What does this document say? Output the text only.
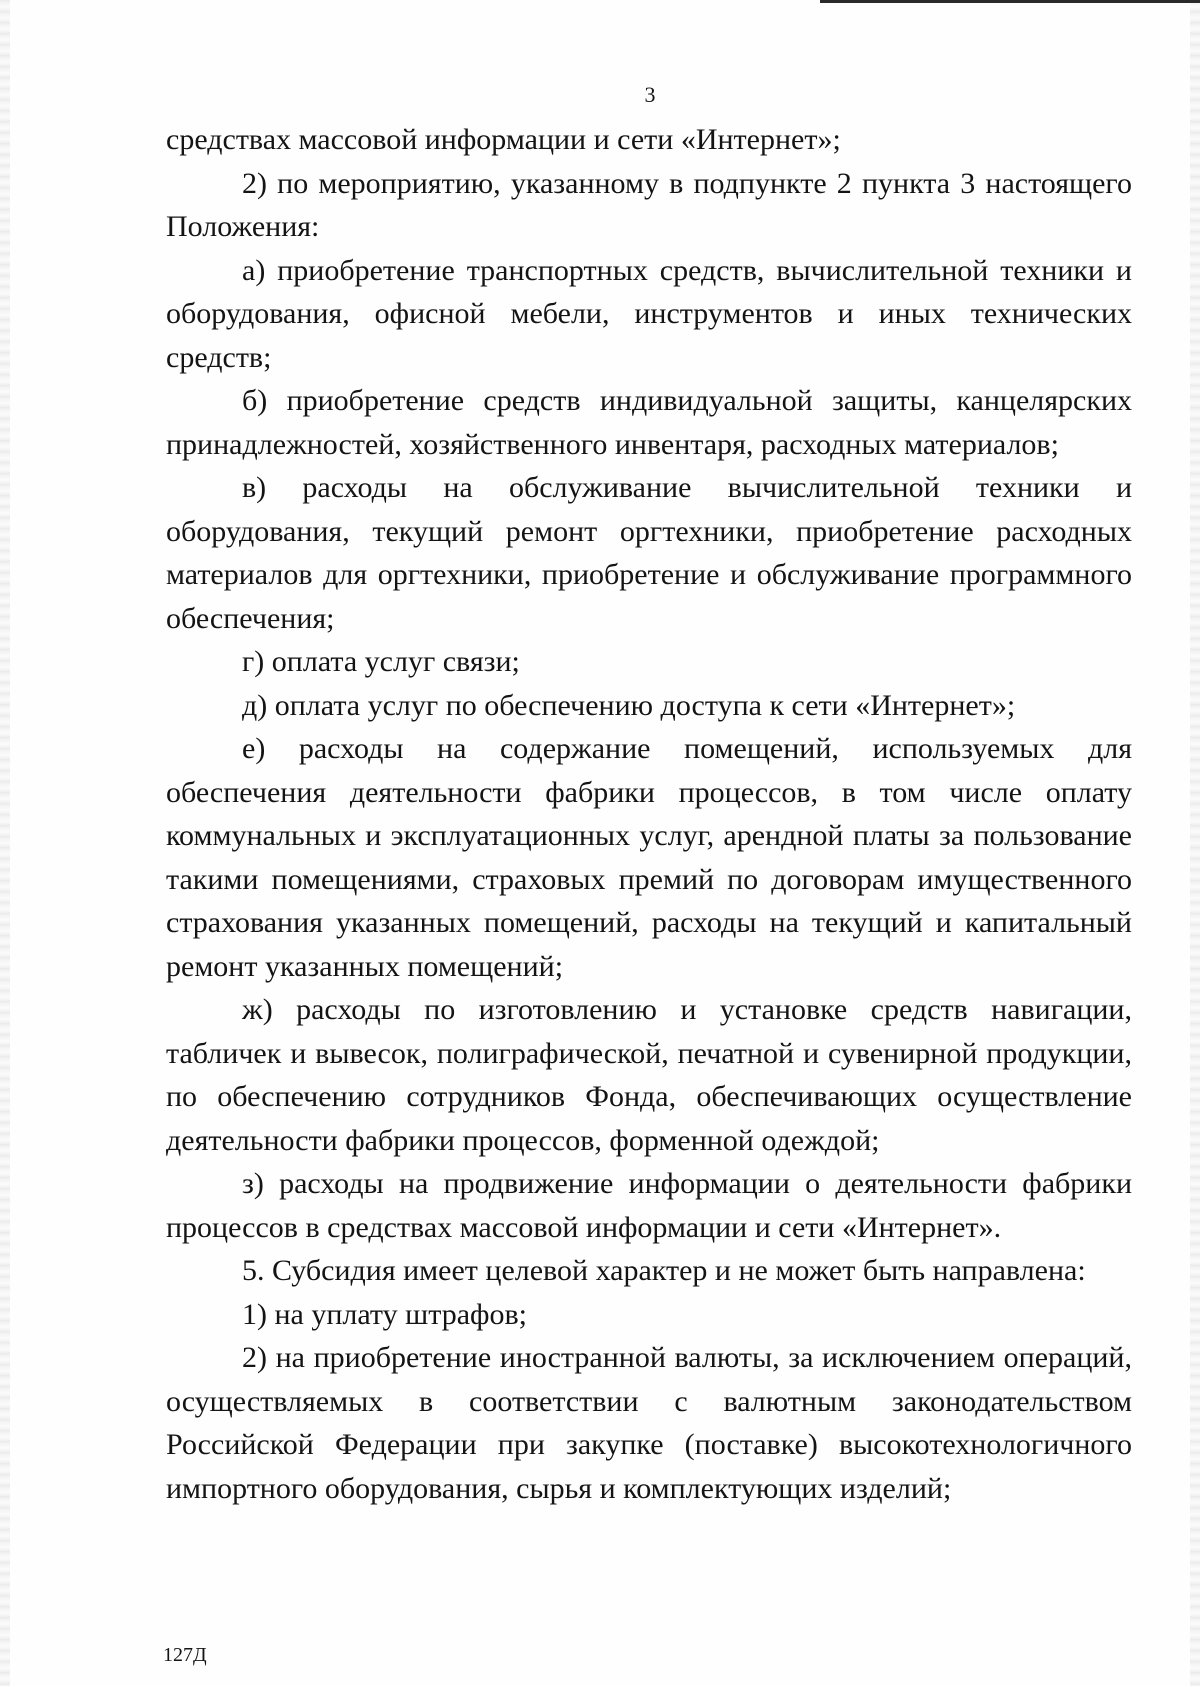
3

средствах массовой информации и сети «Интернет»;

2) по мероприятию, указанному в подпункте 2 пункта 3 настоящего Положения:

а) приобретение транспортных средств, вычислительной техники и оборудования, офисной мебели, инструментов и иных технических средств;

б) приобретение средств индивидуальной защиты, канцелярских принадлежностей, хозяйственного инвентаря, расходных материалов;

в) расходы на обслуживание вычислительной техники и оборудования, текущий ремонт оргтехники, приобретение расходных материалов для оргтехники, приобретение и обслуживание программного обеспечения;

г) оплата услуг связи;

д) оплата услуг по обеспечению доступа к сети «Интернет»;

е) расходы на содержание помещений, используемых для обеспечения деятельности фабрики процессов, в том числе оплату коммунальных и эксплуатационных услуг, арендной платы за пользование такими помещениями, страховых премий по договорам имущественного страхования указанных помещений, расходы на текущий и капитальный ремонт указанных помещений;

ж) расходы по изготовлению и установке средств навигации, табличек и вывесок, полиграфической, печатной и сувенирной продукции, по обеспечению сотрудников Фонда, обеспечивающих осуществление деятельности фабрики процессов, форменной одеждой;

з) расходы на продвижение информации о деятельности фабрики процессов в средствах массовой информации и сети «Интернет».

5. Субсидия имеет целевой характер и не может быть направлена:

1) на уплату штрафов;

2) на приобретение иностранной валюты, за исключением операций, осуществляемых в соответствии с валютным законодательством Российской Федерации при закупке (поставке) высокотехнологичного импортного оборудования, сырья и комплектующих изделий;

127Д
